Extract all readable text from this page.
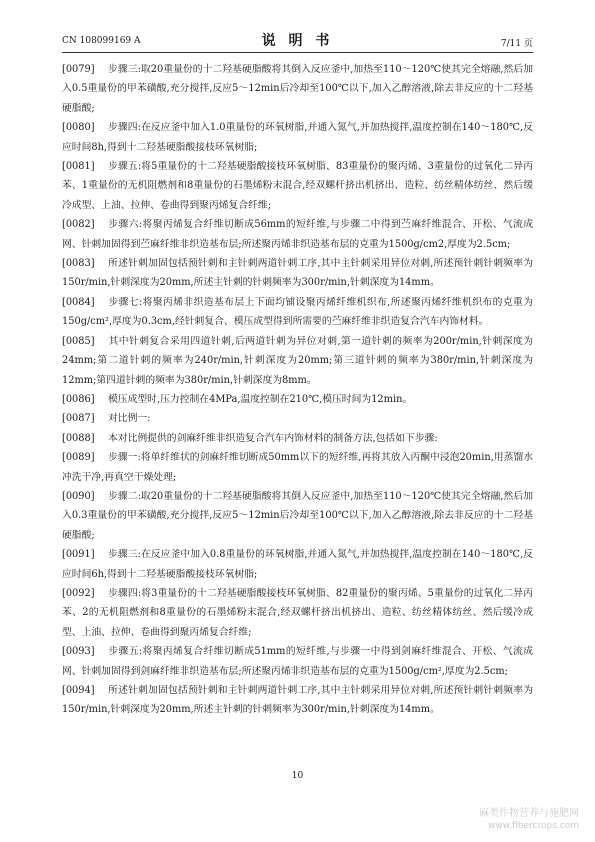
CN 108099169 A	说 明 书	7/11 页

[ 0079 ] 步骤三:取20重量份的十二羟基硬脂酸将其倒入反应釜中,加热至110～120℃使其完全熔融,然后加入0.5重量份的甲苯磺酸,充分搅拌,反应5～12min后冷却至100℃以下,加入乙醇溶液,除去非反应的十二羟基硬脂酸;

[ 0080 ] 步骤四:在反应釜中加入1.0重量份的环氧树脂,并通入氮气,并加热搅拌,温度控制在140～180℃,反应时间8h,得到十二羟基硬脂酸接枝环氧树脂;

[ 0081 ] 步骤五:将5重量份的十二羟基硬脂酸接枝环氧树脂、83重量份的聚丙烯、3重量份的过氧化二异丙苯、1重量份的无机阻燃剂和8重量份的石墨烯粉末混合,经双螺杆挤出机挤出、造粒、纺丝精体纺丝、然后缓冷成型、上油、拉伸、卷曲得到聚丙烯复合纤维;

[ 0082 ] 步骤六:将聚丙烯复合纤维切断成56mm的短纤维,与步骤二中得到苎麻纤维混合、开松、气流成网、针刺加固得到苎麻纤维非织造基布层;所述聚丙烯非织造基布层的克重为1500g/cm2,厚度为2.5cm;

[ 0083 ] 所述针刺加固包括预针刺和主针刺两道针刺工序,其中主针刺采用异位对刺,所述预针刺针刺频率为150r/min,针刺深度为20mm,所述主针刺的针刺频率为300r/min,针刺深度为14mm。

[ 0084 ] 步骤七:将聚丙烯非织造基布层上下面均铺设聚丙烯纤维机织布,所述聚丙烯纤维机织布的克重为150g/cm²,厚度为0.3cm,经针刺复合、模压成型得到所需要的苎麻纤维非织造复合汽车内饰材料。

[ 0085 ] 其中针刺复合采用四道针刺,后两道针刺为异位对刺,第一道针刺的频率为200r/min,针刺深度为24mm;第二道针刺的频率为240r/min,针刺深度为20mm;第三道针刺的频率为380r/min,针刺深度为12mm;第四道针刺的频率为380r/min,针刺深度为8mm。

[ 0086 ] 模压成型时,压力控制在4MPa,温度控制在210℃,模压时间为12min。

[ 0087 ] 对比例一:

[ 0088 ] 本对比例提供的剑麻纤维非织造复合汽车内饰材料的制备方法,包括如下步骤:

[ 0089 ] 步骤一:将单纤维状的剑麻纤维切断成50mm以下的短纤维,再将其放入丙酮中浸泡20min,用蒸馏水冲洗干净,再真空干燥处理;

[ 0090 ] 步骤二:取20重量份的十二羟基硬脂酸将其倒入反应釜中,加热至110～120℃使其完全熔融,然后加入0.3重量份的甲苯磺酸,充分搅拌,反应5～12min后冷却至100℃以下,加入乙醇溶液,除去非反应的十二羟基硬脂酸;

[ 0091 ] 步骤三:在反应釜中加入0.8重量份的环氧树脂,并通入氮气,并加热搅拌,温度控制在140～180℃,反应时间6h,得到十二羟基硬脂酸接枝环氧树脂;

[ 0092 ] 步骤四:将3重量份的十二羟基硬脂酸接枝环氧树脂、82重量份的聚丙烯、5重量份的过氧化二异丙苯、2的无机阻燃剂和8重量份的石墨烯粉末混合,经双螺杆挤出机挤出、造粒、纺丝精体纺丝、然后缓冷成型、上油、拉伸、卷曲得到聚丙烯复合纤维;

[ 0093 ] 步骤五:将聚丙烯复合纤维切断成51mm的短纤维,与步骤一中得到剑麻纤维混合、开松、气流成网、针刺加固得到剑麻纤维非织造基布层;所述聚丙烯非织造基布层的克重为1500g/cm²,厚度为2.5cm;

[ 0094 ] 所述针刺加固包括预针刺和主针刺两道针刺工序,其中主针刺采用异位对刺,所述预针刺针刺频率为150r/min,针刺深度为20mm,所述主针刺的针刺频率为300r/min,针刺深度为14mm。

10
麻类作物营养与施肥网
www.fibercrops.com
